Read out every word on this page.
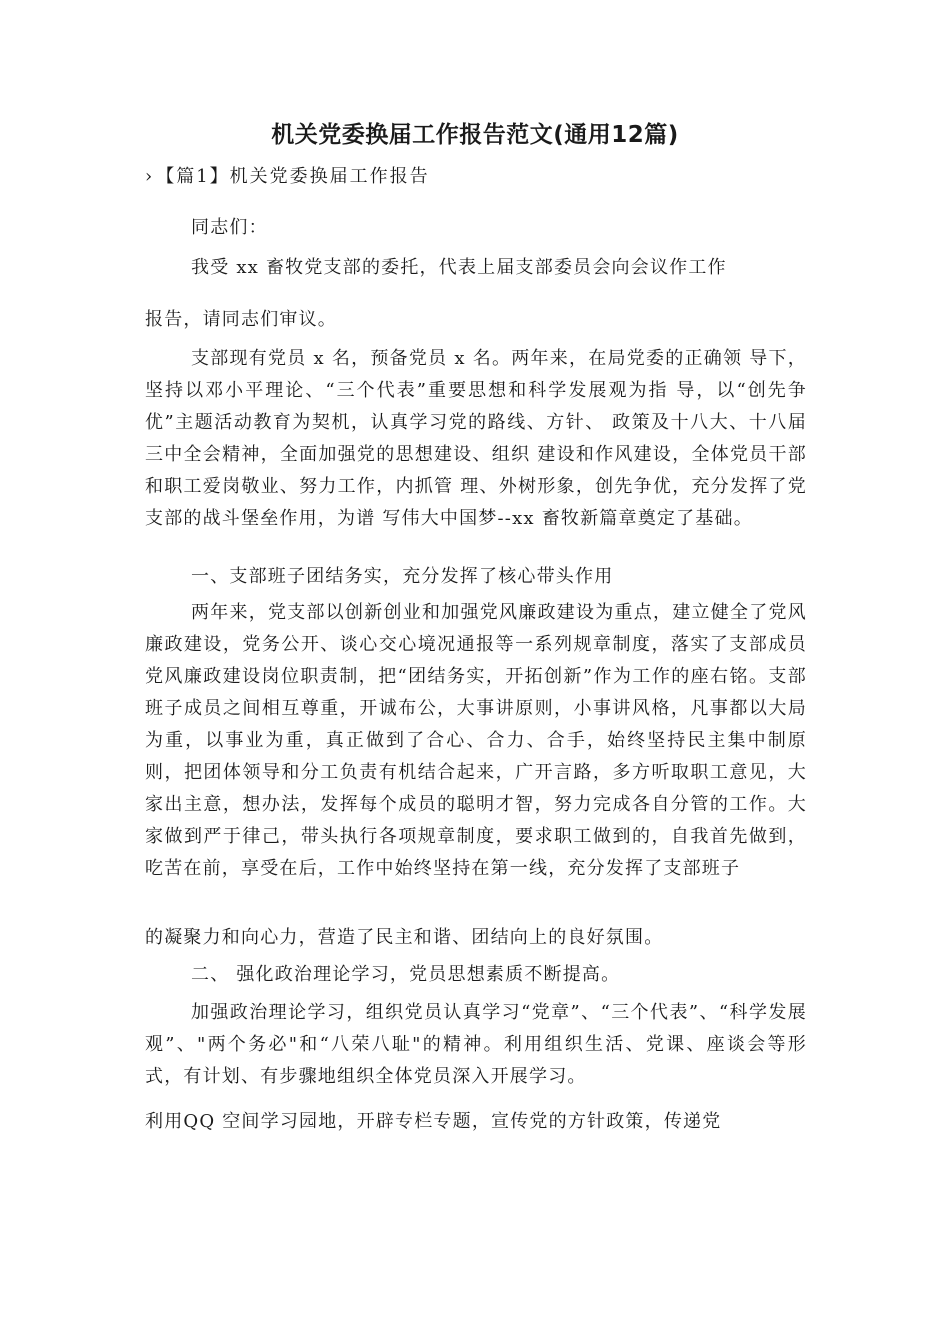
机关党委换届工作报告范文(通用12篇)

› 【篇1】机关党委换届工作报告

同志们：

我受 xx 畜牧党支部的委托，代表上届支部委员会向会议作工作

报告，请同志们审议。

支部现有党员 x 名，预备党员 x 名。两年来，在局党委的正确领 导下，坚持以邓小平理论、“三个代表”重要思想和科学发展观为指 导，以“创先争优”主题活动教育为契机，认真学习党的路线、方针、 政策及十八大、十八届三中全会精神，全面加强党的思想建设、组织 建设和作风建设，全体党员干部和职工爱岗敬业、努力工作，内抓管 理、外树形象，创先争优，充分发挥了党支部的战斗堡垒作用，为谱 写伟大中国梦--xx 畜牧新篇章奠定了基础。

一、支部班子团结务实，充分发挥了核心带头作用

两年来，党支部以创新创业和加强党风廉政建设为重点，建立健全了党风廉政建设，党务公开、谈心交心境况通报等一系列规章制度，落实了支部成员党风廉政建设岗位职责制，把“团结务实，开拓创新”作为工作的座右铭。支部班子成员之间相互尊重，开诚布公，大事讲原则，小事讲风格，凡事都以大局为重，以事业为重，真正做到了合心、合力、合手，始终坚持民主集中制原则，把团体领导和分工负责有机结合起来，广开言路，多方听取职工意见，大家出主意，想办法，发挥每个成员的聪明才智，努力完成各自分管的工作。大家做到严于律己，带头执行各项规章制度，要求职工做到的，自我首先做到，吃苦在前，享受在后，工作中始终坚持在第一线，充分发挥了支部班子

的凝聚力和向心力，营造了民主和谐、团结向上的良好氛围。

二、 强化政治理论学习，党员思想素质不断提高。

加强政治理论学习，组织党员认真学习“党章”、“三个代表”、“科学发展观”、"两个务必"和“八荣八耻"的精神。利用组织生活、党课、座谈会等形式，有计划、有步骤地组织全体党员深入开展学习。

利用QQ 空间学习园地，开辟专栏专题，宣传党的方针政策，传递党
